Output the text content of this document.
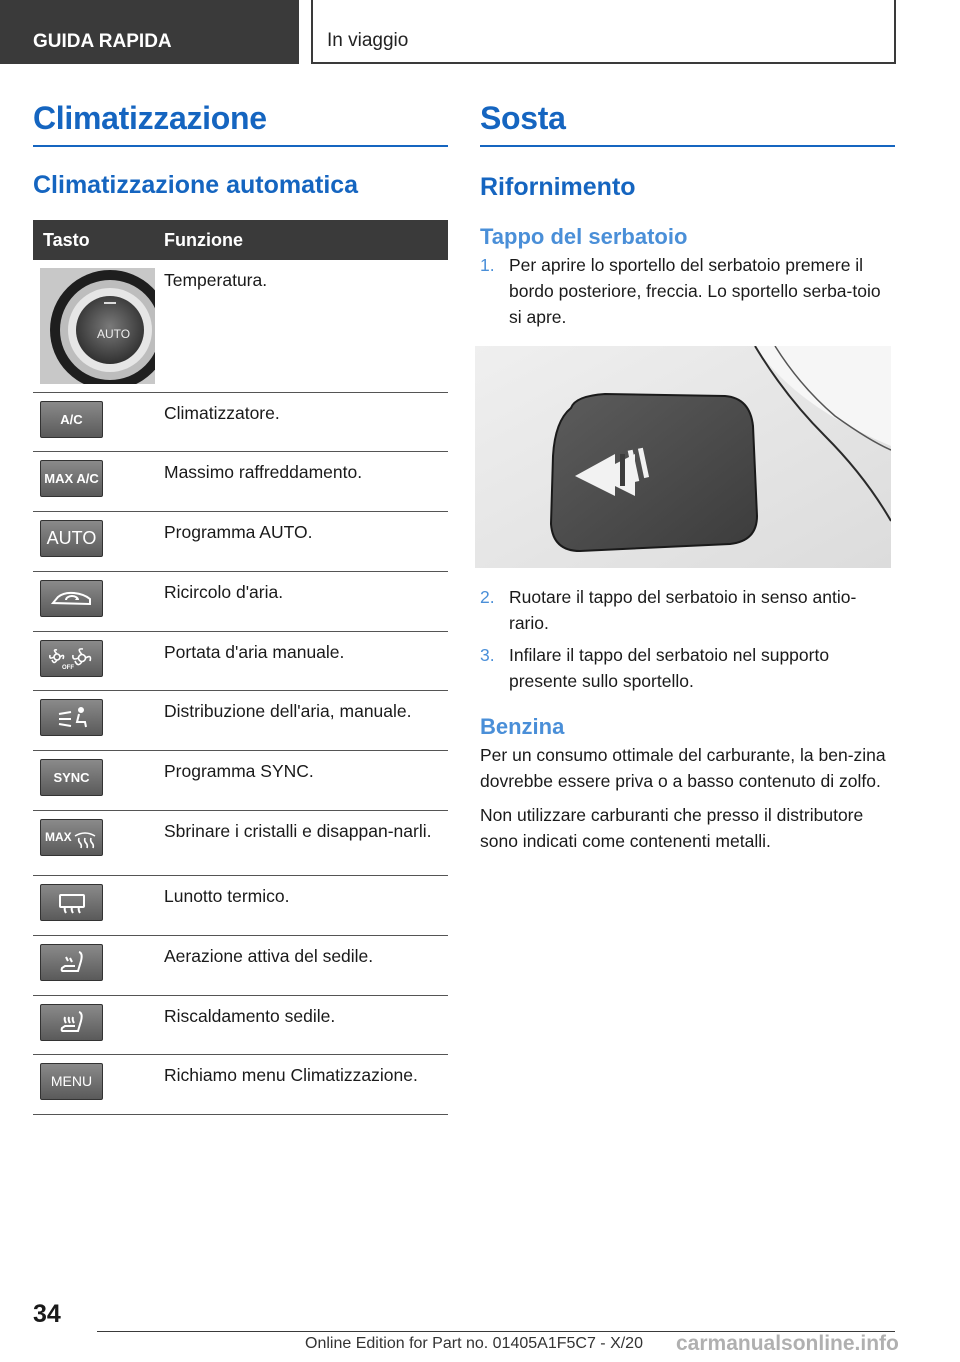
GUIDA RAPIDA	In viaggio
Climatizzazione
Climatizzazione automatica
Tasto	Funzione

AUTO	Temperatura.

A/C	Climatizzatore.

MAX A/C	Massimo raffreddamento.

AUTO	Programma AUTO.

	Ricircolo d'aria.

OFF	Portata d'aria manuale.

	Distribuzione dell'aria, manuale.

SYNC	Programma SYNC.

MAX	Sbrinare i cristalli e disappan-narli.

	Lunotto termico.

	Aerazione attiva del sedile.

	Riscaldamento sedile.

MENU	Richiamo menu Climatizzazione.
Sosta
Rifornimento
Tappo del serbatoio
1. Per aprire lo sportello del serbatoio premere il bordo posteriore, freccia. Lo sportello serba-toio si apre.
2. Ruotare il tappo del serbatoio in senso antio-rario.
3. Infilare il tappo del serbatoio nel supporto presente sullo sportello.
Benzina

Per un consumo ottimale del carburante, la ben-zina dovrebbe essere priva o a basso contenuto di zolfo.

Non utilizzare carburanti che presso il distributore sono indicati come contenenti metalli.

34
Online Edition for Part no. 01405A1F5C7 - X/20 carmanualsonline.info
